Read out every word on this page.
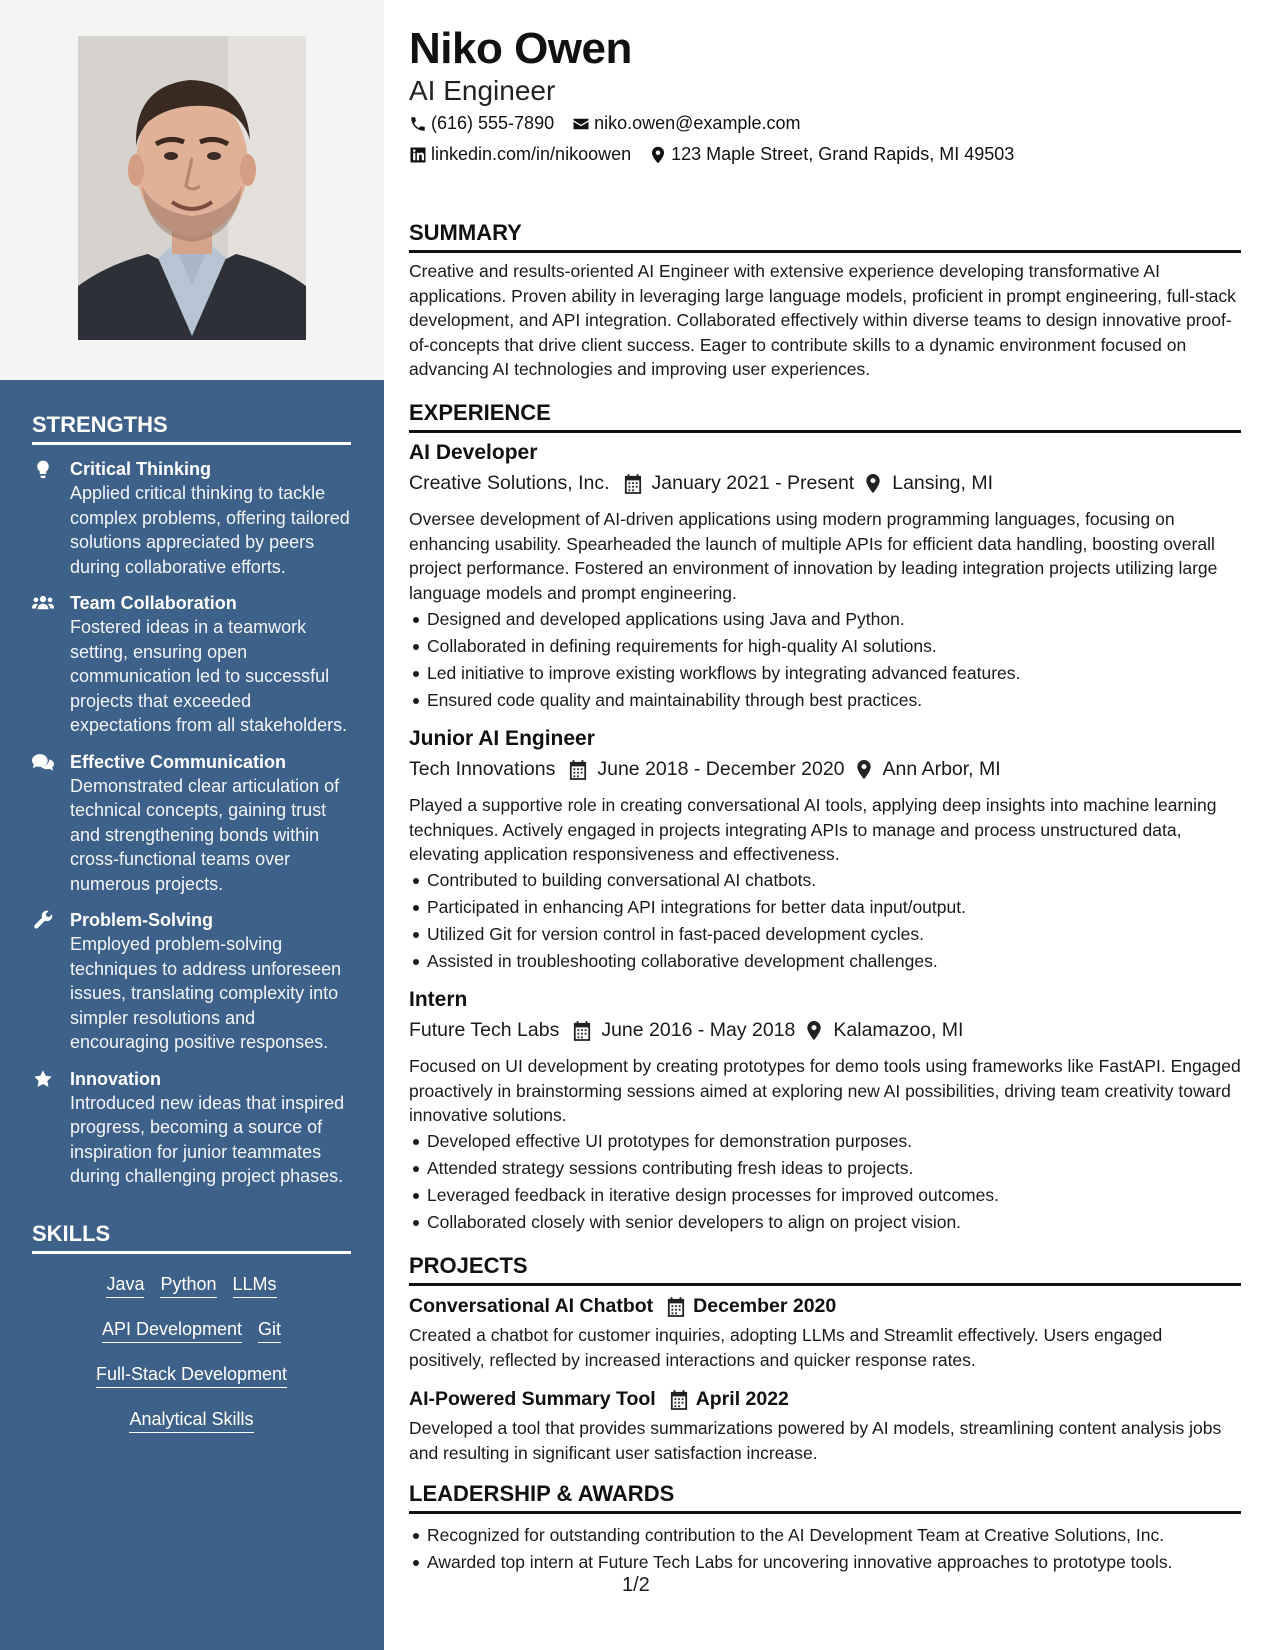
STRENGTHS
Critical Thinking
Applied critical thinking to tackle complex problems, offering tailored solutions appreciated by peers during collaborative efforts.
Team Collaboration
Fostered ideas in a teamwork setting, ensuring open communication led to successful projects that exceeded expectations from all stakeholders.
Effective Communication
Demonstrated clear articulation of technical concepts, gaining trust and strengthening bonds within cross-functional teams over numerous projects.
Problem-Solving
Employed problem-solving techniques to address unforeseen issues, translating complexity into simpler resolutions and encouraging positive responses.
Innovation
Introduced new ideas that inspired progress, becoming a source of inspiration for junior teammates during challenging project phases.
SKILLS
Java Python LLMs
API Development Git
Full-Stack Development
Analytical Skills
Niko Owen
AI Engineer
(616) 555-7890 niko.owen@example.com
linkedin.com/in/nikoowen 123 Maple Street, Grand Rapids, MI 49503
SUMMARY
Creative and results-oriented AI Engineer with extensive experience developing transformative AI applications. Proven ability in leveraging large language models, proficient in prompt engineering, full-stack development, and API integration. Collaborated effectively within diverse teams to design innovative proof-of-concepts that drive client success. Eager to contribute skills to a dynamic environment focused on advancing AI technologies and improving user experiences.
EXPERIENCE
AI Developer
Creative Solutions, Inc. January 2021 - Present Lansing, MI
Oversee development of AI-driven applications using modern programming languages, focusing on enhancing usability. Spearheaded the launch of multiple APIs for efficient data handling, boosting overall project performance. Fostered an environment of innovation by leading integration projects utilizing large language models and prompt engineering.
Designed and developed applications using Java and Python.
Collaborated in defining requirements for high-quality AI solutions.
Led initiative to improve existing workflows by integrating advanced features.
Ensured code quality and maintainability through best practices.
Junior AI Engineer
Tech Innovations June 2018 - December 2020 Ann Arbor, MI
Played a supportive role in creating conversational AI tools, applying deep insights into machine learning techniques. Actively engaged in projects integrating APIs to manage and process unstructured data, elevating application responsiveness and effectiveness.
Contributed to building conversational AI chatbots.
Participated in enhancing API integrations for better data input/output.
Utilized Git for version control in fast-paced development cycles.
Assisted in troubleshooting collaborative development challenges.
Intern
Future Tech Labs June 2016 - May 2018 Kalamazoo, MI
Focused on UI development by creating prototypes for demo tools using frameworks like FastAPI. Engaged proactively in brainstorming sessions aimed at exploring new AI possibilities, driving team creativity toward innovative solutions.
Developed effective UI prototypes for demonstration purposes.
Attended strategy sessions contributing fresh ideas to projects.
Leveraged feedback in iterative design processes for improved outcomes.
Collaborated closely with senior developers to align on project vision.
PROJECTS
Conversational AI Chatbot December 2020
Created a chatbot for customer inquiries, adopting LLMs and Streamlit effectively. Users engaged positively, reflected by increased interactions and quicker response rates.
AI-Powered Summary Tool April 2022
Developed a tool that provides summarizations powered by AI models, streamlining content analysis jobs and resulting in significant user satisfaction increase.
LEADERSHIP & AWARDS
Recognized for outstanding contribution to the AI Development Team at Creative Solutions, Inc.
Awarded top intern at Future Tech Labs for uncovering innovative approaches to prototype tools.
1/2
